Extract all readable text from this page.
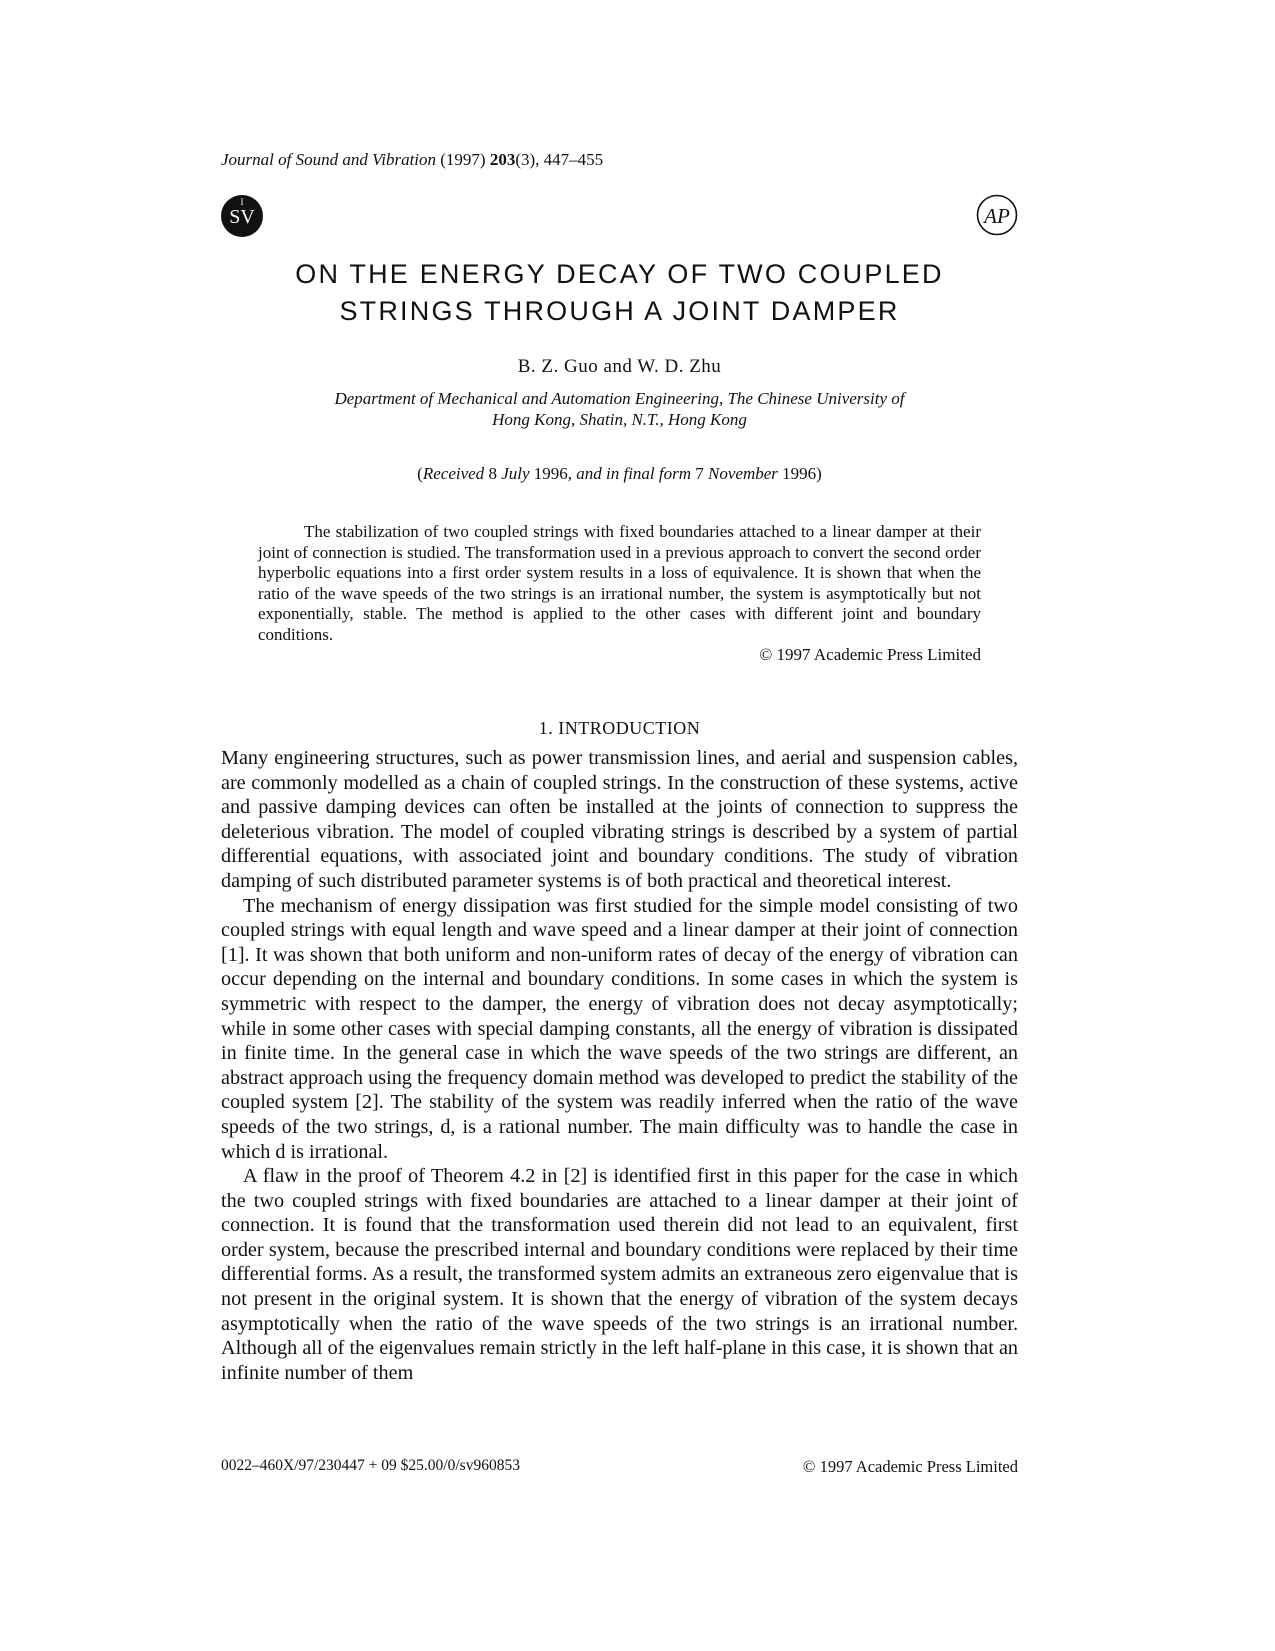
Journal of Sound and Vibration (1997) 203(3), 447–455
SV
I
AP
ON THE ENERGY DECAY OF TWO COUPLED
STRINGS THROUGH A JOINT DAMPER
B. Z. Guo and W. D. Zhu
Department of Mechanical and Automation Engineering, The Chinese University of
Hong Kong, Shatin, N.T., Hong Kong
(Received 8 July 1996, and in final form 7 November 1996)

The stabilization of two coupled strings with fixed boundaries attached to a linear damper at their joint of connection is studied. The transformation used in a previous approach to convert the second order hyperbolic equations into a first order system results in a loss of equivalence. It is shown that when the ratio of the wave speeds of the two strings is an irrational number, the system is asymptotically but not exponentially, stable. The method is applied to the other cases with different joint and boundary conditions.

© 1997 Academic Press Limited

1. INTRODUCTION

Many engineering structures, such as power transmission lines, and aerial and suspension cables, are commonly modelled as a chain of coupled strings. In the construction of these systems, active and passive damping devices can often be installed at the joints of connection to suppress the deleterious vibration. The model of coupled vibrating strings is described by a system of partial differential equations, with associated joint and boundary conditions. The study of vibration damping of such distributed parameter systems is of both practical and theoretical interest.

The mechanism of energy dissipation was first studied for the simple model consisting of two coupled strings with equal length and wave speed and a linear damper at their joint of connection [1]. It was shown that both uniform and non-uniform rates of decay of the energy of vibration can occur depending on the internal and boundary conditions. In some cases in which the system is symmetric with respect to the damper, the energy of vibration does not decay asymptotically; while in some other cases with special damping constants, all the energy of vibration is dissipated in finite time. In the general case in which the wave speeds of the two strings are different, an abstract approach using the frequency domain method was developed to predict the stability of the coupled system [2]. The stability of the system was readily inferred when the ratio of the wave speeds of the two strings, d, is a rational number. The main difficulty was to handle the case in which d is irrational.

A flaw in the proof of Theorem 4.2 in [2] is identified first in this paper for the case in which the two coupled strings with fixed boundaries are attached to a linear damper at their joint of connection. It is found that the transformation used therein did not lead to an equivalent, first order system, because the prescribed internal and boundary conditions were replaced by their time differential forms. As a result, the transformed system admits an extraneous zero eigenvalue that is not present in the original system. It is shown that the energy of vibration of the system decays asymptotically when the ratio of the wave speeds of the two strings is an irrational number. Although all of the eigenvalues remain strictly in the left half-plane in this case, it is shown that an infinite number of them

0022–460X/97/230447 + 09 $25.00/0/sv960853	© 1997 Academic Press Limited
